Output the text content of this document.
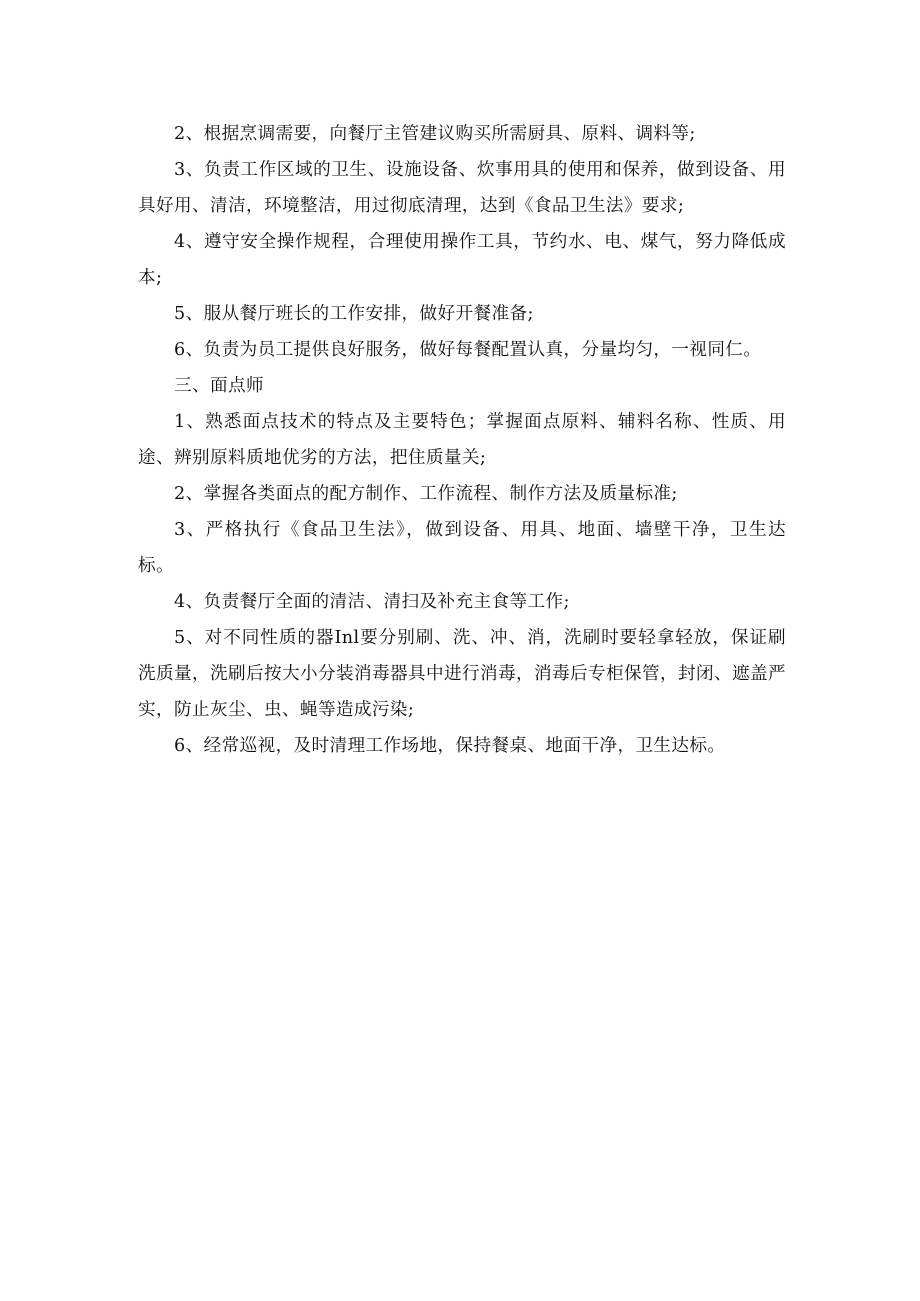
2、根据烹调需要，向餐厅主管建议购买所需厨具、原料、调料等;

3、负责工作区域的卫生、设施设备、炊事用具的使用和保养，做到设备、用具好用、清洁，环境整洁，用过彻底清理，达到《食品卫生法》要求;

4、遵守安全操作规程，合理使用操作工具，节约水、电、煤气，努力降低成本;

5、服从餐厅班长的工作安排，做好开餐准备;

6、负责为员工提供良好服务，做好每餐配置认真，分量均匀，一视同仁。

三、面点师

1、熟悉面点技术的特点及主要特色；掌握面点原料、辅料名称、性质、用途、辨别原料质地优劣的方法，把住质量关;

2、掌握各类面点的配方制作、工作流程、制作方法及质量标准;

3、严格执行《食品卫生法》，做到设备、用具、地面、墙壁干净，卫生达标。

4、负责餐厅全面的清洁、清扫及补充主食等工作;

5、对不同性质的器Inl要分别刷、洗、冲、消，洗刷时要轻拿轻放，保证刷洗质量，洗刷后按大小分装消毒器具中进行消毒，消毒后专柜保管，封闭、遮盖严实，防止灰尘、虫、蝇等造成污染;

6、经常巡视，及时清理工作场地，保持餐桌、地面干净，卫生达标。
